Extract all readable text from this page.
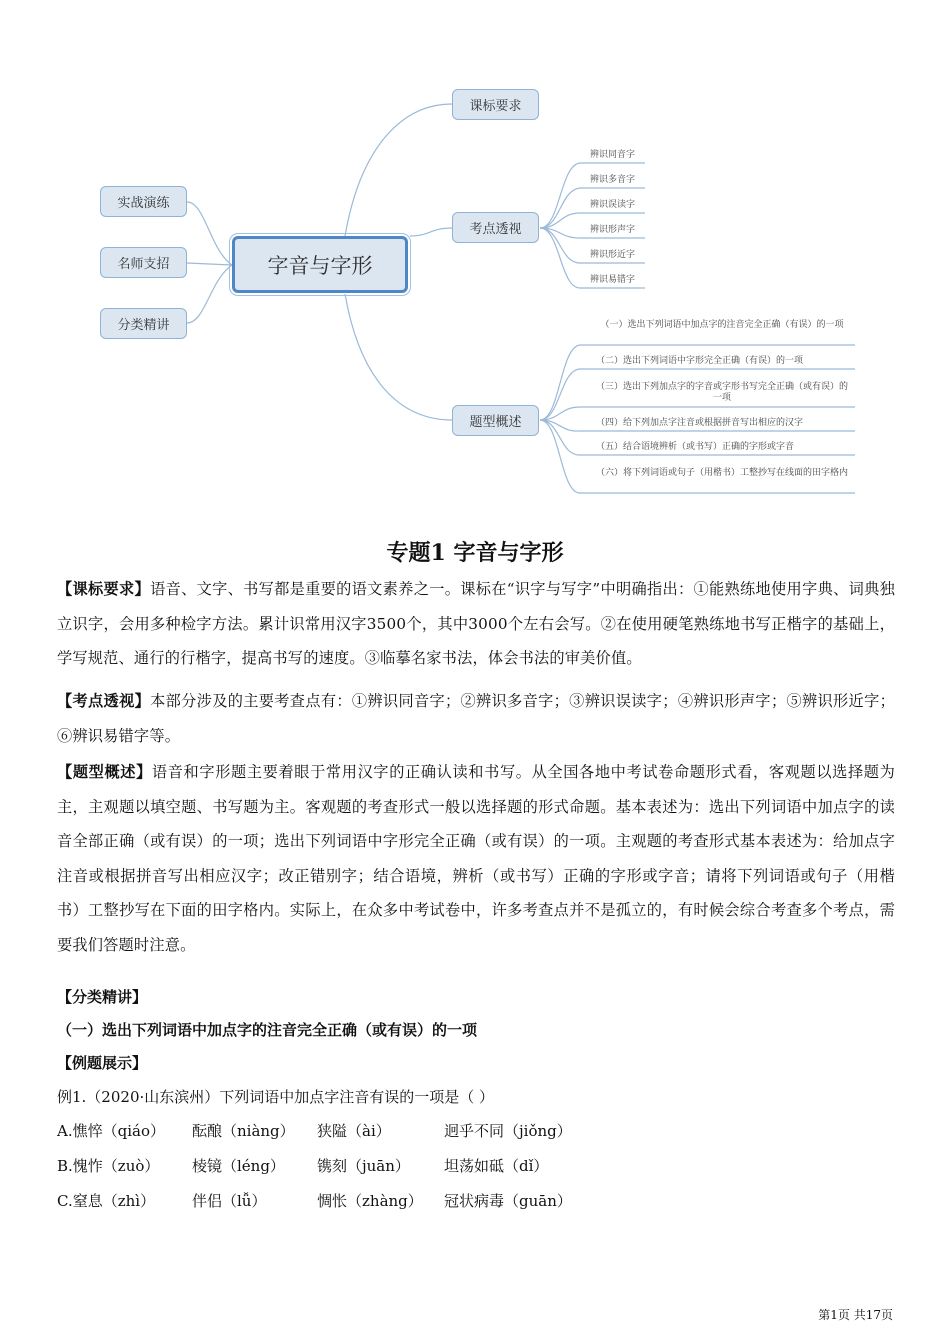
字音与字形
实战演练
名师支招
分类精讲
课标要求
考点透视
题型概述
辨识同音字
辨识多音字
辨识误读字
辨识形声字
辨识形近字
辨识易错字
（一）选出下列词语中加点字的注音完全正确（有误）的一项
（二）选出下列词语中字形完全正确（有误）的一项
（三）选出下列加点字的字音或字形书写完全正确（或有误）的一项
（四）给下列加点字注音或根据拼音写出相应的汉字
（五）结合语境辨析（或书写）正确的字形或字音
（六）将下列词语或句子（用楷书）工整抄写在线面的田字格内
专题1 字音与字形
【课标要求】语音、文字、书写都是重要的语文素养之一。课标在“识字与写字”中明确指出：①能熟练地使用字典、词典独立识字，会用多种检字方法。累计识常用汉字3500个，其中3000个左右会写。②在使用硬笔熟练地书写正楷字的基础上，学写规范、通行的行楷字，提高书写的速度。③临摹名家书法，体会书法的审美价值。
【考点透视】本部分涉及的主要考查点有：①辨识同音字；②辨识多音字；③辨识误读字；④辨识形声字；⑤辨识形近字；⑥辨识易错字等。
【题型概述】语音和字形题主要着眼于常用汉字的正确认读和书写。从全国各地中考试卷命题形式看，客观题以选择题为主，主观题以填空题、书写题为主。客观题的考查形式一般以选择题的形式命题。基本表述为：选出下列词语中加点字的读音全部正确（或有误）的一项；选出下列词语中字形完全正确（或有误）的一项。主观题的考查形式基本表述为：给加点字注音或根据拼音写出相应汉字；改正错别字；结合语境，辨析（或书写）正确的字形或字音；请将下列词语或句子（用楷书）工整抄写在下面的田字格内。实际上，在众多中考试卷中，许多考查点并不是孤立的，有时候会综合考查多个考点，需要我们答题时注意。
【分类精讲】
（一）选出下列词语中加点字的注音完全正确（或有误）的一项
【例题展示】
例1.（2020·山东滨州）下列词语中加点字注音有误的一项是（ ）
A.憔悴（qiáo） 酝酿（niàng） 狭隘（ài）	迥乎不同（jiǒng）
B.愧怍（zuò） 棱镜（léng） 镌刻（juān） 坦荡如砥（dǐ）
C.窒息（zhì） 伴侣（lǚ）	惆怅（zhàng） 冠状病毒（guān）
第1页 共17页
